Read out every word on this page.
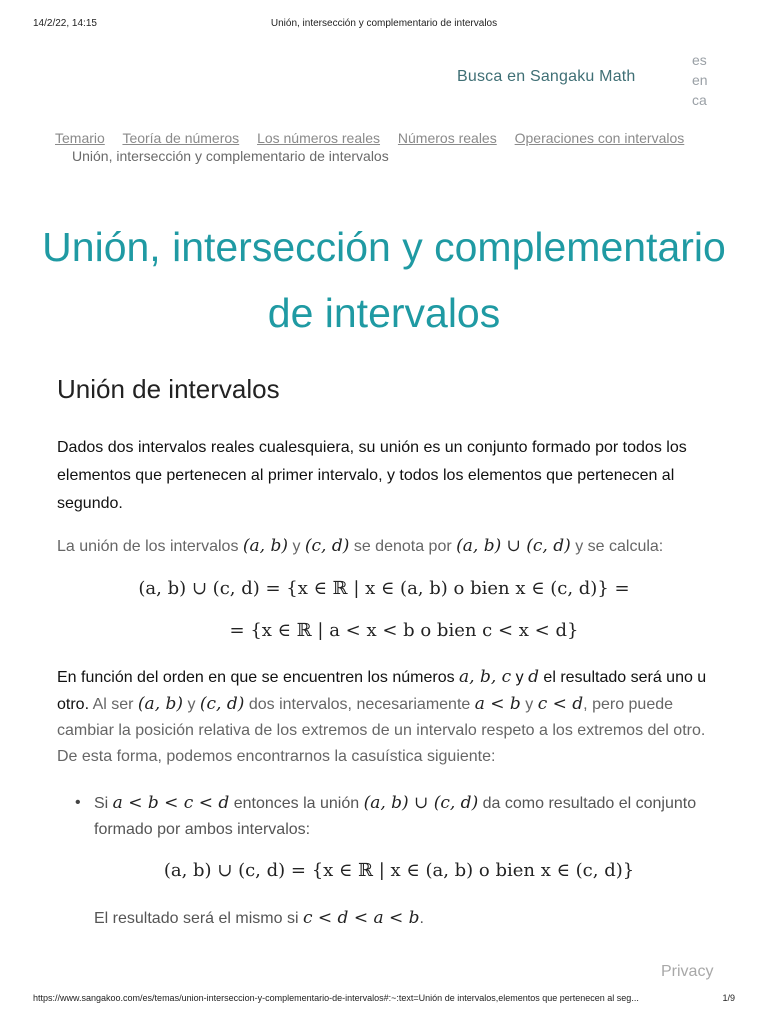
14/2/22, 14:15	Unión, intersección y complementario de intervalos
Busca en Sangaku Math
es
en
ca
Temario Teoría de números Los números reales Números reales Operaciones con intervalos
Unión, intersección y complementario de intervalos
Unión, intersección y complementario de intervalos
Unión de intervalos

Dados dos intervalos reales cualesquiera, su unión es un conjunto formado por todos los elementos que pertenecen al primer intervalo, y todos los elementos que pertenecen al segundo.

La unión de los intervalos (a, b) y (c, d) se denota por (a, b) ∪ (c, d) y se calcula:

(a, b) ∪ (c, d) = {x ∈ ℝ | x ∈ (a, b) o bien x ∈ (c, d)} =
= {x ∈ ℝ | a < x < b o bien c < x < d}

En función del orden en que se encuentren los números a, b, c y d el resultado será uno u otro. Al ser (a, b) y (c, d) dos intervalos, necesariamente a < b y c < d, pero puede cambiar la posición relativa de los extremos de un intervalo respeto a los extremos del otro. De esta forma, podemos encontrarnos la casuística siguiente:

• Si a < b < c < d entonces la unión (a, b) ∪ (c, d) da como resultado el conjunto formado por ambos intervalos:
(a, b) ∪ (c, d) = {x ∈ ℝ | x ∈ (a, b) o bien x ∈ (c, d)}
El resultado será el mismo si c < d < a < b.
Privacy
https://www.sangakoo.com/es/temas/union-interseccion-y-complementario-de-intervalos#:~:text=Unión de intervalos,elementos que pertenecen al seg...	1/9
